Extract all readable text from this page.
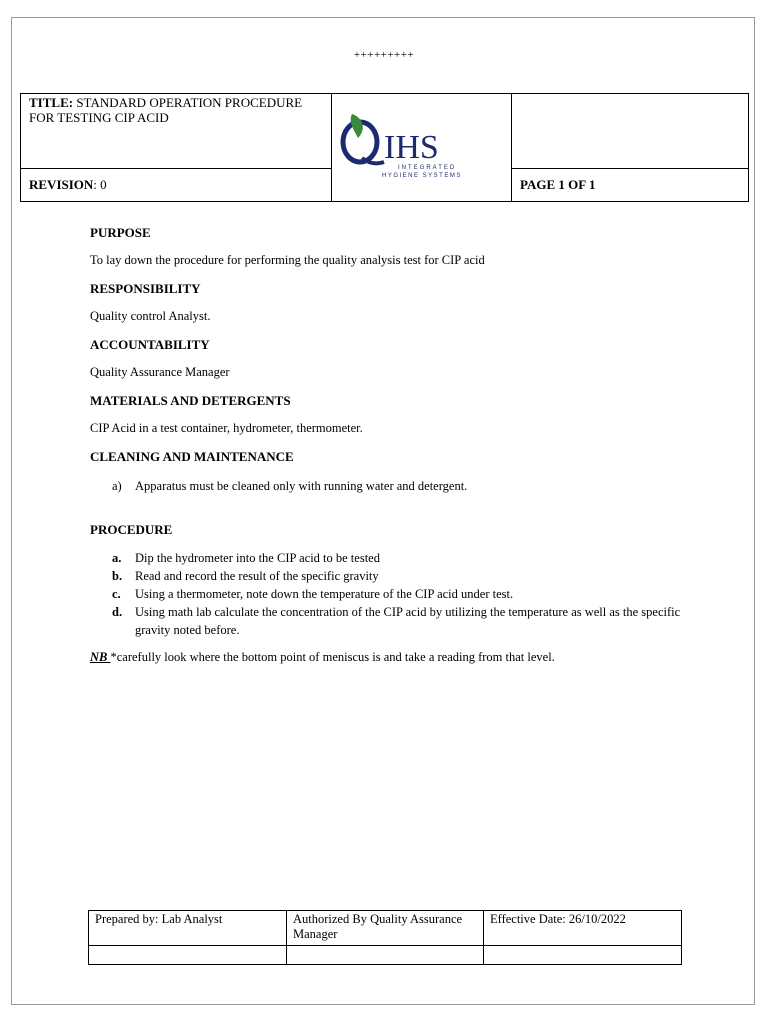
+++++++++
TITLE: STANDARD OPERATION PROCEDURE FOR TESTING CIP ACID	IHS
INTEGRATED
HYGIENE SYSTEMS	

REVISION: 0		PAGE 1 OF 1
PURPOSE
To lay down the procedure for performing the quality analysis test for CIP acid
RESPONSIBILITY
Quality control Analyst.
ACCOUNTABILITY
Quality Assurance Manager
MATERIALS AND DETERGENTS
CIP Acid in a test container, hydrometer, thermometer.
CLEANING AND MAINTENANCE
a) Apparatus must be cleaned only with running water and detergent.
PROCEDURE
a. Dip the hydrometer into the CIP acid to be tested
b. Read and record the result of the specific gravity
c. Using a thermometer, note down the temperature of the CIP acid under test.
d. Using math lab calculate the concentration of the CIP acid by utilizing the temperature as well as the specific gravity noted before.
NB *carefully look where the bottom point of meniscus is and take a reading from that level.
Prepared by: Lab Analyst	Authorized By Quality Assurance Manager	Effective Date: 26/10/2022
